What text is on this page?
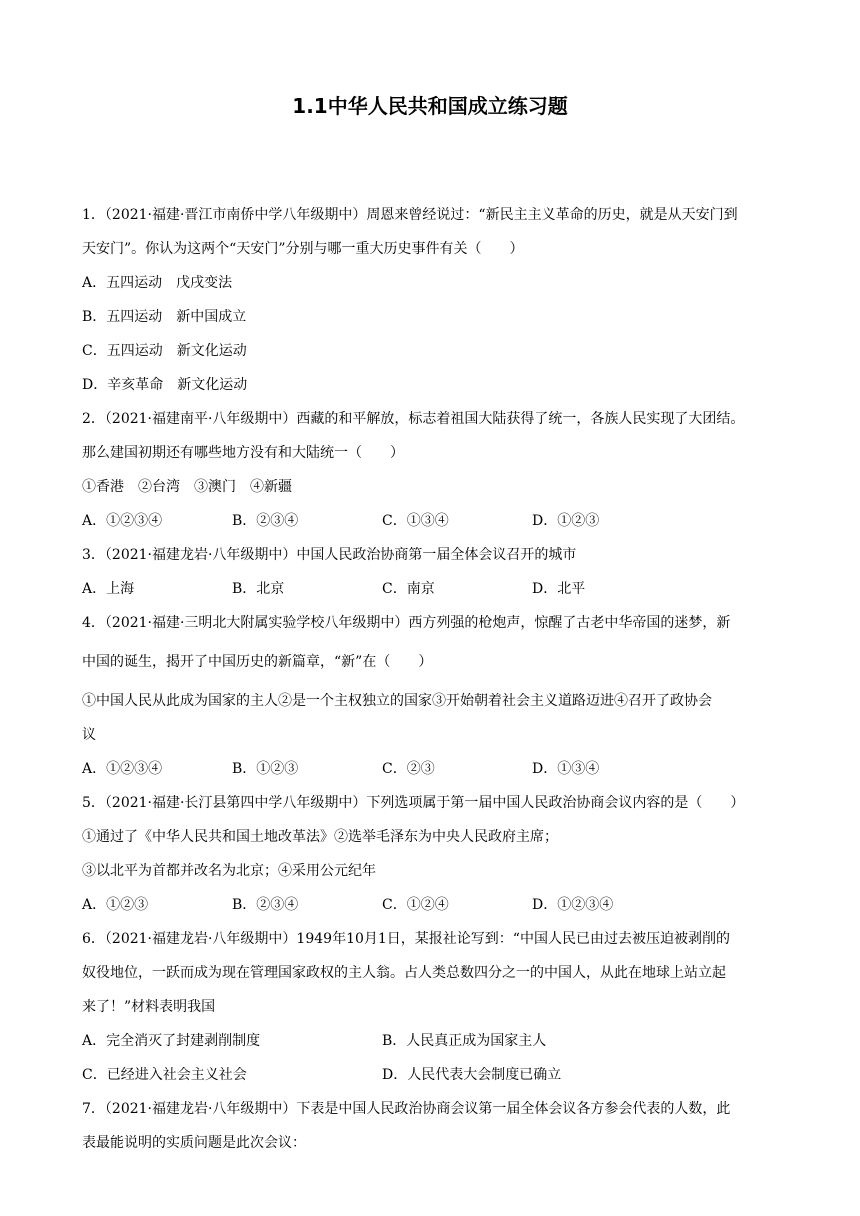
1.1中华人民共和国成立练习题
1．（2021·福建·晋江市南侨中学八年级期中）周恩来曾经说过：“新民主主义革命的历史，就是从天安门到
天安门”。你认为这两个“天安门”分别与哪一重大历史事件有关（　　）
A．五四运动　戊戌变法
B．五四运动　新中国成立
C．五四运动　新文化运动
D．辛亥革命　新文化运动
2．（2021·福建南平·八年级期中）西藏的和平解放，标志着祖国大陆获得了统一，各族人民实现了大团结。
那么建国初期还有哪些地方没有和大陆统一（　　）
①香港　②台湾　③澳门　④新疆
A．①②③④	B．②③④	C．①③④	D．①②③
3．（2021·福建龙岩·八年级期中）中国人民政治协商第一届全体会议召开的城市
A．上海	B．北京	C．南京	D．北平
4．（2021·福建·三明北大附属实验学校八年级期中）西方列强的枪炮声，惊醒了古老中华帝国的迷梦，新
中国的诞生，揭开了中国历史的新篇章，“新”在（　　）
①中国人民从此成为国家的主人②是一个主权独立的国家③开始朝着社会主义道路迈进④召开了政协会
议
A．①②③④	B．①②③	C．②③	D．①③④
5．（2021·福建·长汀县第四中学八年级期中）下列选项属于第一届中国人民政治协商会议内容的是（　　）
①通过了《中华人民共和国土地改革法》②选举毛泽东为中央人民政府主席；
③以北平为首都并改名为北京；④采用公元纪年
A．①②③	B．②③④	C．①②④	D．①②③④
6．（2021·福建龙岩·八年级期中）1949年10月1日，某报社论写到：“中国人民已由过去被压迫被剥削的
奴役地位，一跃而成为现在管理国家政权的主人翁。占人类总数四分之一的中国人，从此在地球上站立起
来了！”材料表明我国
A．完全消灭了封建剥削制度	B．人民真正成为国家主人
C．已经进入社会主义社会	D．人民代表大会制度已确立
7．（2021·福建龙岩·八年级期中）下表是中国人民政治协商会议第一届全体会议各方参会代表的人数，此
表最能说明的实质问题是此次会议：
